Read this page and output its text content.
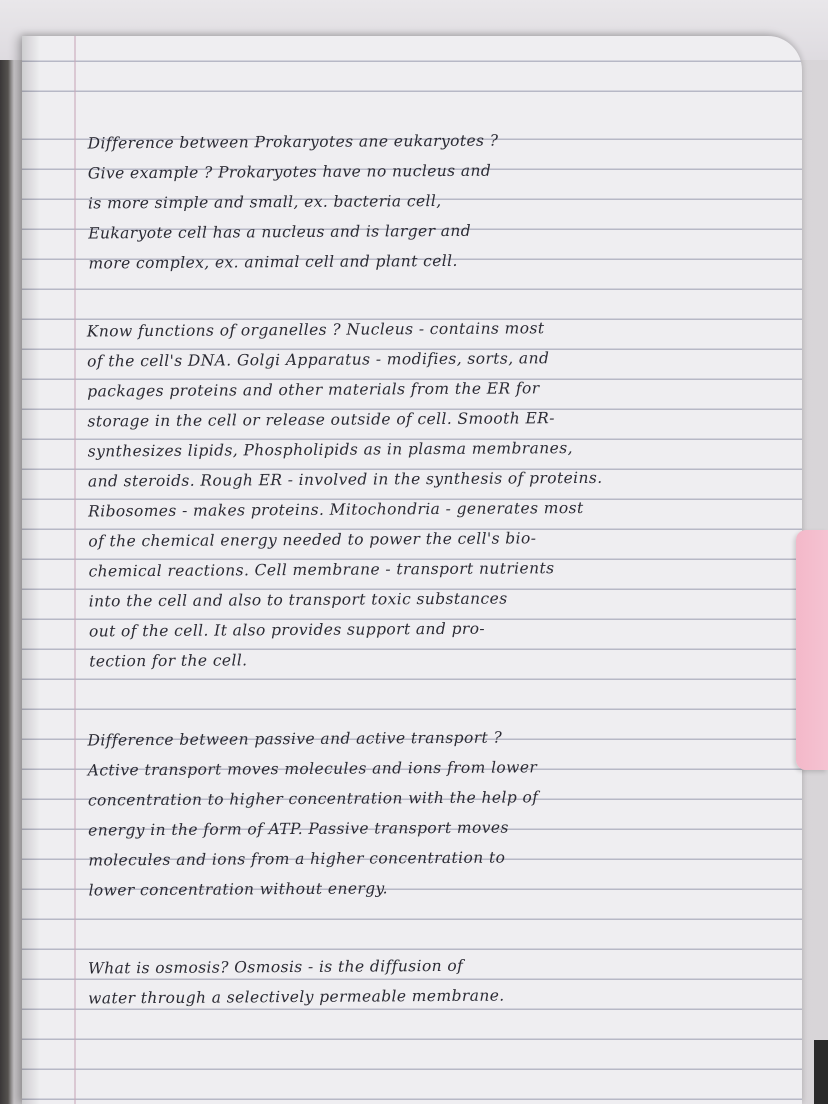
Difference between Prokaryotes ane eukaryotes ?
Give example ? Prokaryotes have no nucleus and
is more simple and small, ex. bacteria cell,
Eukaryote cell has a nucleus and is larger and
more complex, ex. animal cell and plant cell.
Know functions of organelles ? Nucleus - contains most
of the cell's DNA. Golgi Apparatus - modifies, sorts, and
packages proteins and other materials from the ER for
storage in the cell or release outside of cell. Smooth ER-
synthesizes lipids, Phospholipids as in plasma membranes,
and steroids. Rough ER - involved in the synthesis of proteins.
Ribosomes - makes proteins. Mitochondria - generates most
of the chemical energy needed to power the cell's bio-
chemical reactions. Cell membrane - transport nutrients
into the cell and also to transport toxic substances
out of the cell. It also provides support and pro-
tection for the cell.
Difference between passive and active transport ?
Active transport moves molecules and ions from lower
concentration to higher concentration with the help of
energy in the form of ATP. Passive transport moves
molecules and ions from a higher concentration to
lower concentration without energy.
What is osmosis? Osmosis - is the diffusion of
water through a selectively permeable membrane.
